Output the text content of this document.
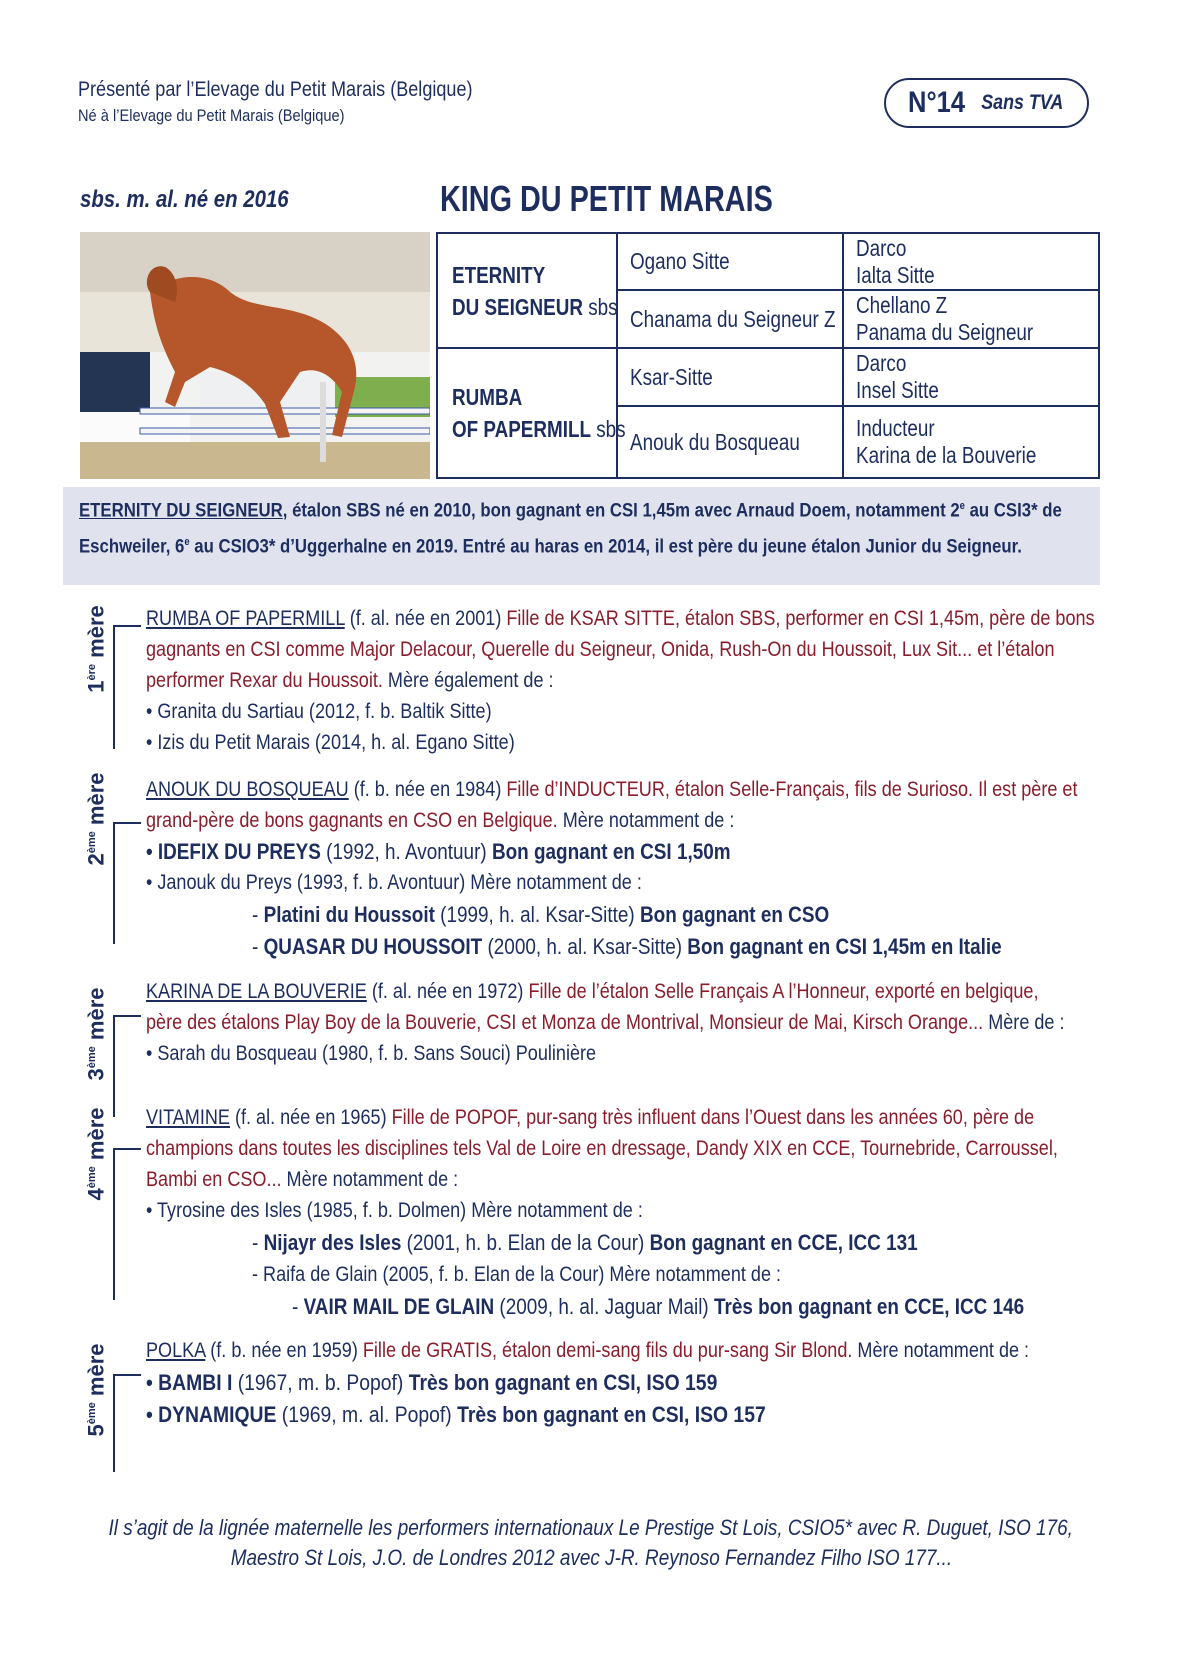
Présenté par l’Elevage du Petit Marais (Belgique)
Né à l’Elevage du Petit Marais (Belgique)	N°14 Sans TVA
sbs. m. al. né en 2016	KING DU PETIT MARAIS
ETERNITY
DU SEIGNEUR sbs
RUMBA
OF PAPERMILL sbs
Ogano Sitte
Chanama du Seigneur Z
Ksar-Sitte
Anouk du Bosqueau
Darco
Ialta Sitte
Chellano Z
Panama du Seigneur
Darco
Insel Sitte
Inducteur
Karina de la Bouverie
ETERNITY DU SEIGNEUR, étalon SBS né en 2010, bon gagnant en CSI 1,45m avec Arnaud Doem, notamment 2e au CSI3* de Eschweiler, 6e au CSIO3* d’Uggerhalne en 2019. Entré au haras en 2014, il est père du jeune étalon Junior du Seigneur.
1ère mère
2ème mère
3ème mère
4ème mère
5ème mère
RUMBA OF PAPERMILL (f. al. née en 2001) Fille de KSAR SITTE, étalon SBS, performer en CSI 1,45m, père de bons
gagnants en CSI comme Major Delacour, Querelle du Seigneur, Onida, Rush-On du Houssoit, Lux Sit... et l’étalon
performer Rexar du Houssoit. Mère également de :
• Granita du Sartiau (2012, f. b. Baltik Sitte)
• Izis du Petit Marais (2014, h. al. Egano Sitte)
ANOUK DU BOSQUEAU (f. b. née en 1984) Fille d’INDUCTEUR, étalon Selle-Français, fils de Surioso. Il est père et
grand-père de bons gagnants en CSO en Belgique. Mère notamment de :
• IDEFIX DU PREYS (1992, h. Avontuur) Bon gagnant en CSI 1,50m
• Janouk du Preys (1993, f. b. Avontuur) Mère notamment de :
- Platini du Houssoit (1999, h. al. Ksar-Sitte) Bon gagnant en CSO
- QUASAR DU HOUSSOIT (2000, h. al. Ksar-Sitte) Bon gagnant en CSI 1,45m en Italie
KARINA DE LA BOUVERIE (f. al. née en 1972) Fille de l’étalon Selle Français A l’Honneur, exporté en belgique,
père des étalons Play Boy de la Bouverie, CSI et Monza de Montrival, Monsieur de Mai, Kirsch Orange... Mère de :
• Sarah du Bosqueau (1980, f. b. Sans Souci) Poulinière
VITAMINE (f. al. née en 1965) Fille de POPOF, pur-sang très influent dans l’Ouest dans les années 60, père de
champions dans toutes les disciplines tels Val de Loire en dressage, Dandy XIX en CCE, Tournebride, Carroussel,
Bambi en CSO... Mère notamment de :
• Tyrosine des Isles (1985, f. b. Dolmen) Mère notamment de :
- Nijayr des Isles (2001, h. b. Elan de la Cour) Bon gagnant en CCE, ICC 131
- Raifa de Glain (2005, f. b. Elan de la Cour) Mère notamment de :
- VAIR MAIL DE GLAIN (2009, h. al. Jaguar Mail) Très bon gagnant en CCE, ICC 146
POLKA (f. b. née en 1959) Fille de GRATIS, étalon demi-sang fils du pur-sang Sir Blond. Mère notamment de :
• BAMBI I (1967, m. b. Popof) Très bon gagnant en CSI, ISO 159
• DYNAMIQUE (1969, m. al. Popof) Très bon gagnant en CSI, ISO 157
Il s’agit de la lignée maternelle les performers internationaux Le Prestige St Lois, CSIO5* avec R. Duguet, ISO 176,
Maestro St Lois, J.O. de Londres 2012 avec J-R. Reynoso Fernandez Filho ISO 177...
